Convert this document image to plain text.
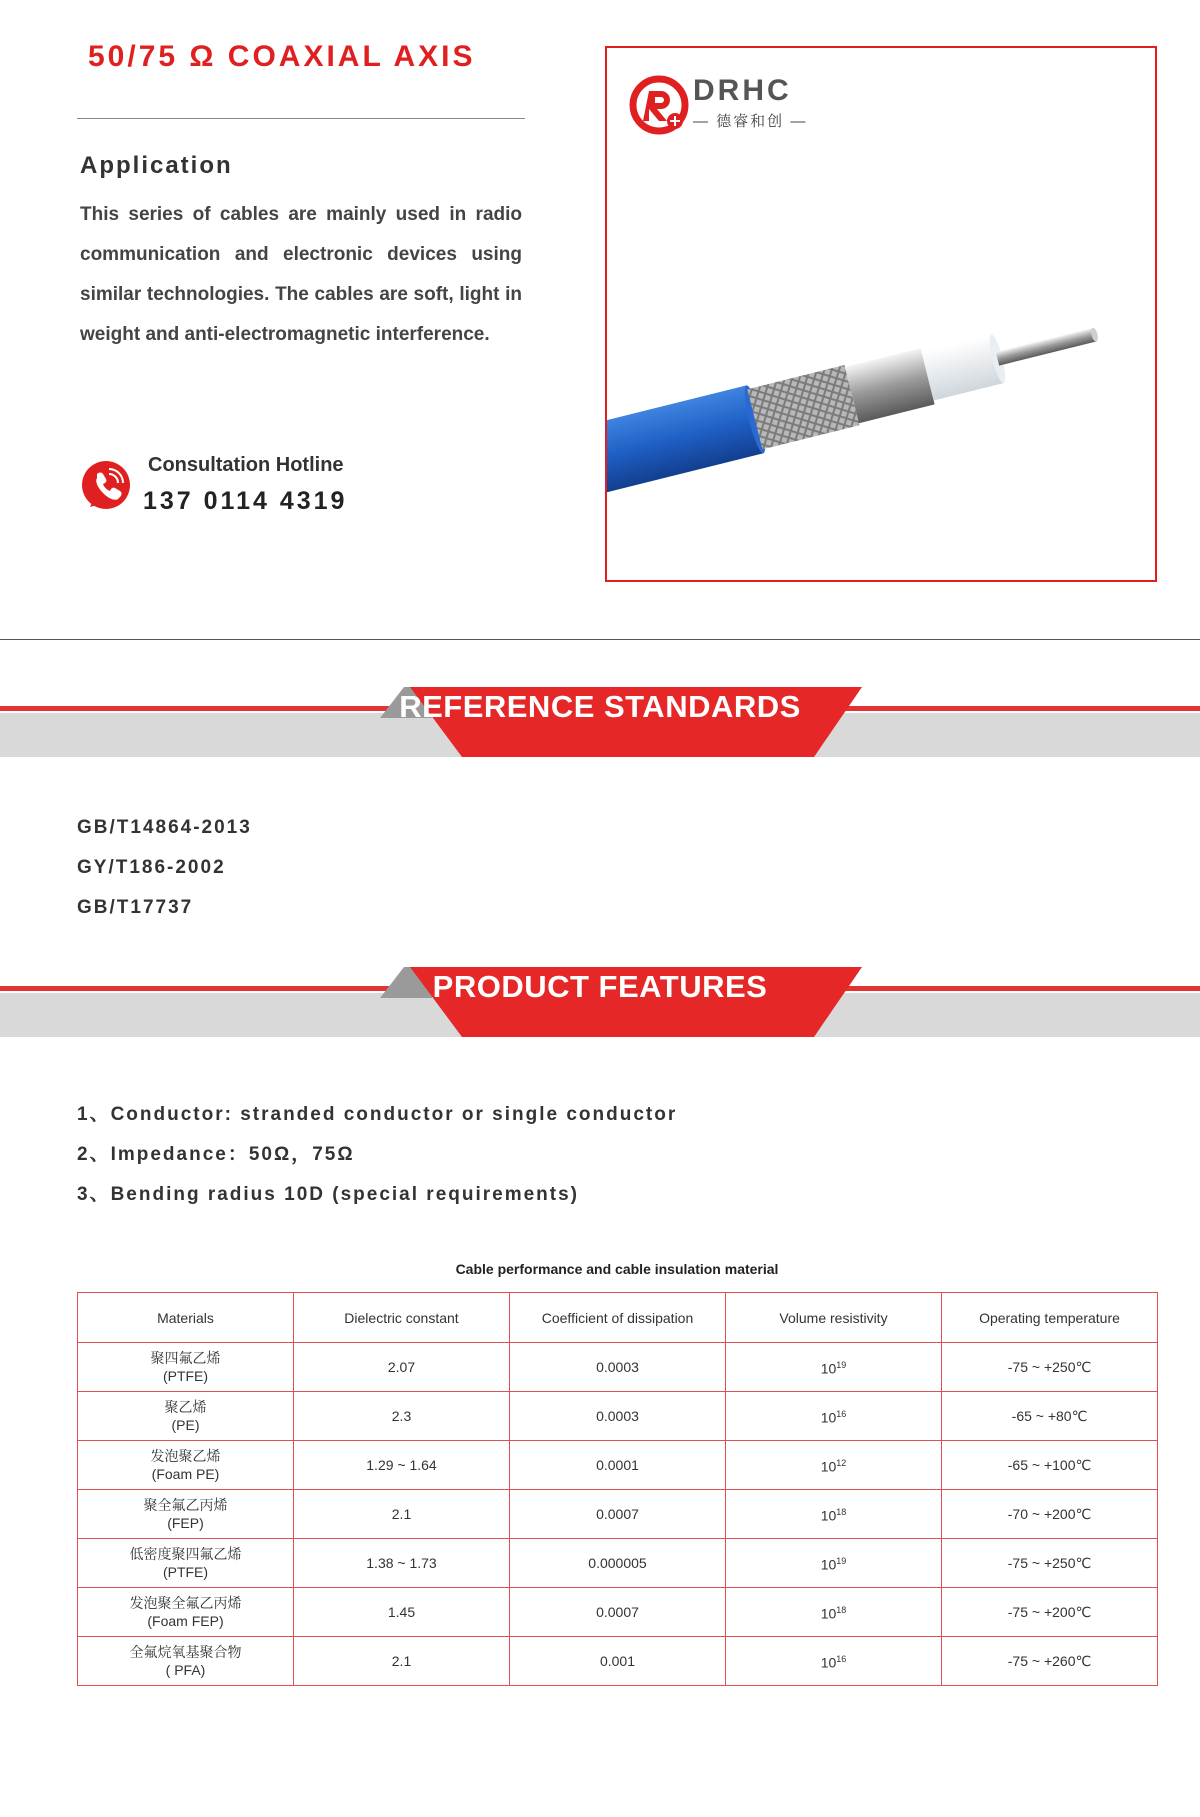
50/75 Ω COAXIAL AXIS
Application
This series of cables are mainly used in radio communication and electronic devices using similar technologies. The cables are soft, light in weight and anti-electromagnetic interference.
Consultation Hotline
137 0114 4319
DRHC
— 德睿和创 —
REFERENCE STANDARDS
GB/T14864-2013
GY/T186-2002
GB/T17737
PRODUCT FEATURES
1、Conductor: stranded conductor or single conductor
2、Impedance：50Ω，75Ω
3、Bending radius 10D (special requirements)
Cable performance and cable insulation material
Materials	Dielectric constant	Coefficient of dissipation	Volume resistivity	Operating temperature

聚四氟乙烯
(PTFE)	2.07	0.0003	$10^{19}$	-75 ~ +250℃

聚乙烯
(PE)	2.3	0.0003	$10^{16}$	-65 ~ +80℃

发泡聚乙烯
(Foam PE)	1.29 ~ 1.64	0.0001	$10^{12}$	-65 ~ +100℃

聚全氟乙丙烯
(FEP)	2.1	0.0007	$10^{18}$	-70 ~ +200℃

低密度聚四氟乙烯
(PTFE)	1.38 ~ 1.73	0.000005	$10^{19}$	-75 ~ +250℃

发泡聚全氟乙丙烯
(Foam FEP)	1.45	0.0007	$10^{18}$	-75 ~ +200℃

全氟烷氧基聚合物
( PFA)	2.1	0.001	$10^{16}$	-75 ~ +260℃
